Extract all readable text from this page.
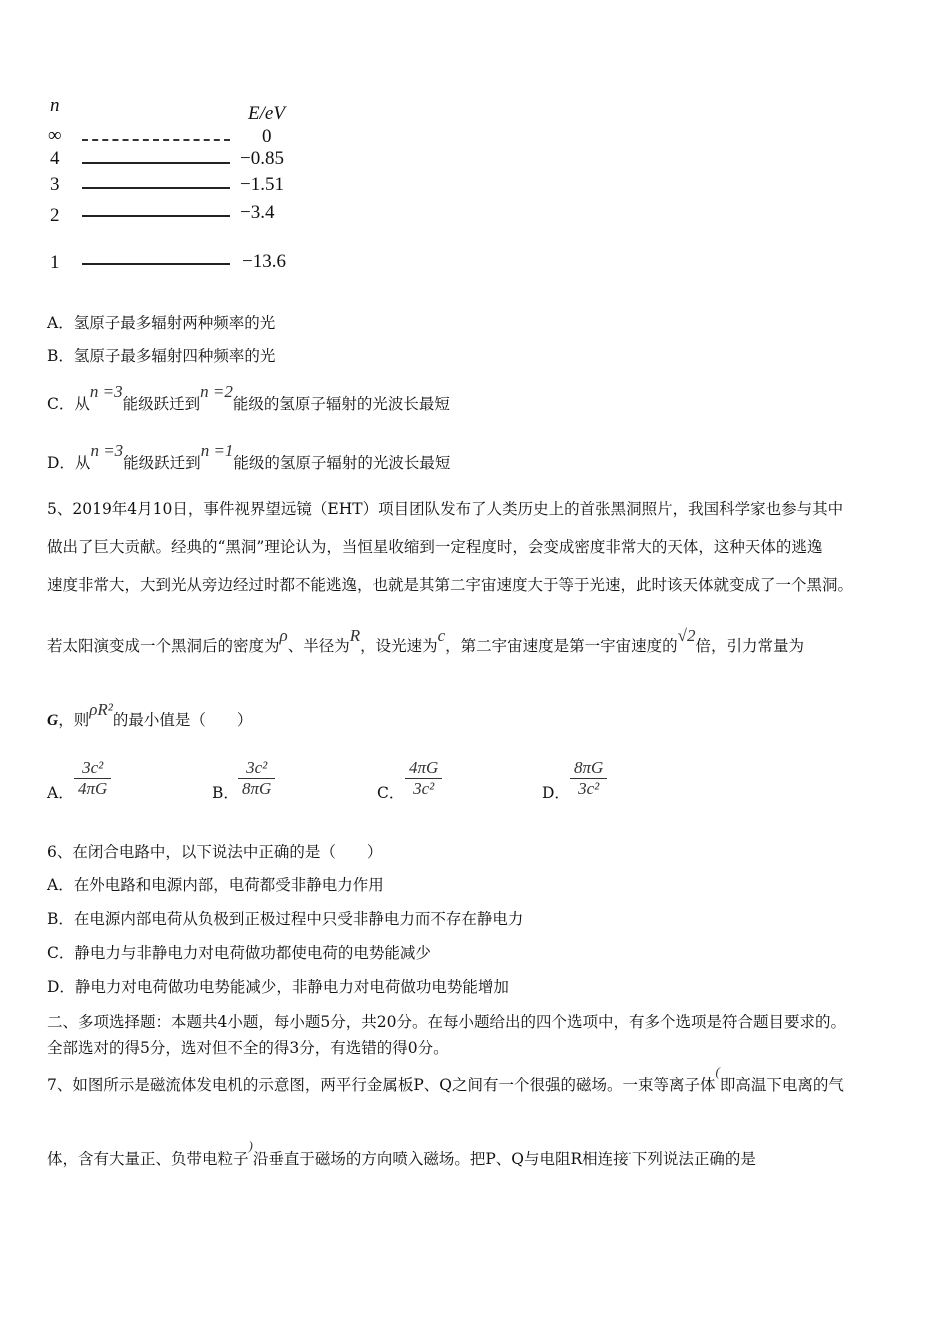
n	E/eV
∞	0
4	−0.85
3	−1.51
2	−3.4
1	−13.6
A．氢原子最多辐射两种频率的光
B．氢原子最多辐射四种频率的光
C．从n =3能级跃迁到n =2能级的氢原子辐射的光波长最短
D．从n =3能级跃迁到n =1能级的氢原子辐射的光波长最短
5、2019年4月10日，事件视界望远镜（EHT）项目团队发布了人类历史上的首张黑洞照片，我国科学家也参与其中
做出了巨大贡献。经典的“黑洞”理论认为，当恒星收缩到一定程度时，会变成密度非常大的天体，这种天体的逃逸
速度非常大，大到光从旁边经过时都不能逃逸，也就是其第二宇宙速度大于等于光速，此时该天体就变成了一个黑洞。
若太阳演变成一个黑洞后的密度为ρ、半径为R，设光速为c，第二宇宙速度是第一宇宙速度的√2倍，引力常量为
G，则ρR²的最小值是（　　）
A． $\frac{\text{3c²}}{4\pi G}$	B． $\frac{\text{3c²}}{8\pi G}$	C． $\frac{4\pi G}{\text{3c²}}$	D． $\frac{8\pi G}{\text{3c²}}$
6、在闭合电路中，以下说法中正确的是（　　）
A．在外电路和电源内部，电荷都受非静电力作用
B．在电源内部电荷从负极到正极过程中只受非静电力而不存在静电力
C．静电力与非静电力对电荷做功都使电荷的电势能减少
D．静电力对电荷做功电势能减少，非静电力对电荷做功电势能增加
二、多项选择题：本题共4小题，每小题5分，共20分。在每小题给出的四个选项中，有多个选项是符合题目要求的。
全部选对的得5分，选对但不全的得3分，有选错的得0分。
7、如图所示是磁流体发电机的示意图，两平行金属板P、Q之间有一个很强的磁场。一束等离子体(即高温下电离的气
体，含有大量正、负带电粒子)沿垂直于磁场的方向喷入磁场。把P、Q与电阻R相连接.下列说法正确的是
